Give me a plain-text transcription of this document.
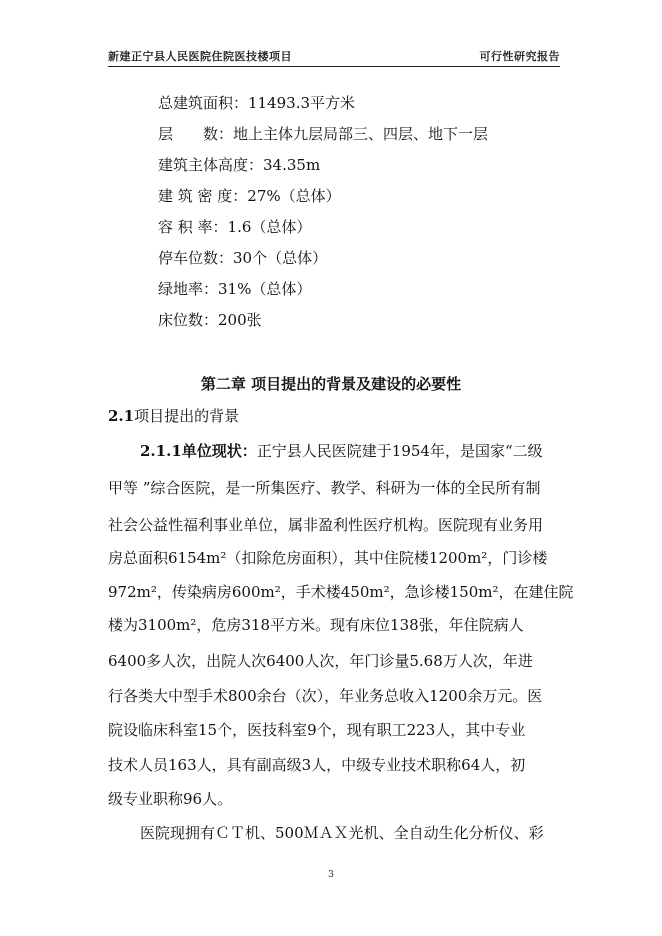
新建正宁县人民医院住院医技楼项目	可行性研究报告
总建筑面积：11493.3平方米
层　　数：地上主体九层局部三、四层、地下一层
建筑主体高度：34.35m
建 筑 密 度：27%（总体）
容 积 率：1.6（总体）
停车位数：30个（总体）
绿地率：31%（总体）
床位数：200张
第二章 项目提出的背景及建设的必要性
2.1项目提出的背景
2.1.1单位现状：正宁县人民医院建于1954年，是国家“二级
甲等 ”综合医院，是一所集医疗、教学、科研为一体的全民所有制
社会公益性福利事业单位，属非盈利性医疗机构。医院现有业务用
房总面积6154m²（扣除危房面积），其中住院楼1200m²，门诊楼
972m²，传染病房600m²，手术楼450m²，急诊楼150m²，在建住院
楼为3100m²，危房318平方米。现有床位138张，年住院病人
6400多人次，出院人次6400人次，年门诊量5.68万人次，年进
行各类大中型手术800余台（次），年业务总收入1200余万元。医
院设临床科室15个，医技科室9个，现有职工223人，其中专业
技术人员163人，具有副高级3人，中级专业技术职称64人，初
级专业职称96人。
医院现拥有ＣＴ机、500ＭＡＸ光机、全自动生化分析仪、彩
3
